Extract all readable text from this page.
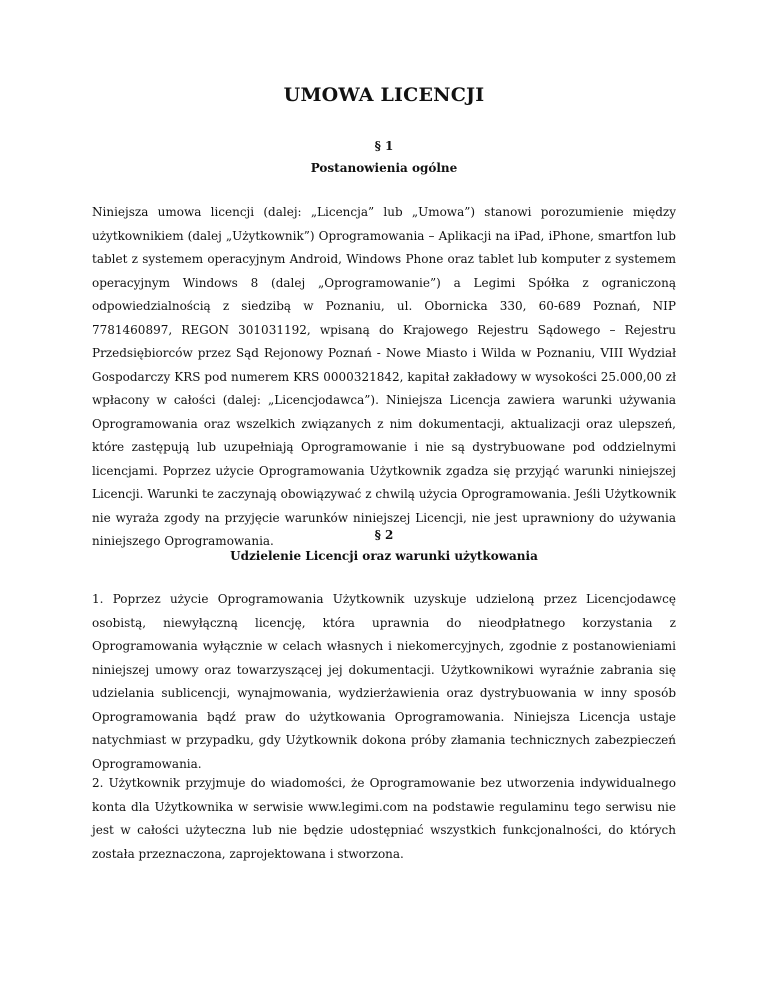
UMOWA LICENCJI
§ 1
Postanowienia ogólne

Niniejsza umowa licencji (dalej: „Licencja” lub „Umowa”) stanowi porozumienie między użytkownikiem (dalej „Użytkownik”) Oprogramowania – Aplikacji na iPad, iPhone, smartfon lub tablet z systemem operacyjnym Android, Windows Phone oraz tablet lub komputer z systemem operacyjnym Windows 8 (dalej „Oprogramowanie”) a Legimi Spółka z ograniczoną odpowiedzialnością z siedzibą w Poznaniu, ul. Obornicka 330, 60-689 Poznań, NIP 7781460897, REGON 301031192, wpisaną do Krajowego Rejestru Sądowego – Rejestru Przedsiębiorców przez Sąd Rejonowy Poznań - Nowe Miasto i Wilda w Poznaniu, VIII Wydział Gospodarczy KRS pod numerem KRS 0000321842, kapitał zakładowy w wysokości 25.000,00 zł wpłacony w całości (dalej: „Licencjodawca”). Niniejsza Licencja zawiera warunki używania Oprogramowania oraz wszelkich związanych z nim dokumentacji, aktualizacji oraz ulepszeń, które zastępują lub uzupełniają Oprogramowanie i nie są dystrybuowane pod oddzielnymi licencjami. Poprzez użycie Oprogramowania Użytkownik zgadza się przyjąć warunki niniejszej Licencji. Warunki te zaczynają obowiązywać z chwilą użycia Oprogramowania. Jeśli Użytkownik nie wyraża zgody na przyjęcie warunków niniejszej Licencji, nie jest uprawniony do używania niniejszego Oprogramowania.	§ 2
Udzielenie Licencji oraz warunki użytkowania

1. Poprzez użycie Oprogramowania Użytkownik uzyskuje udzieloną przez Licencjodawcę osobistą, niewyłączną licencję, która uprawnia do nieodpłatnego korzystania z Oprogramowania wyłącznie w celach własnych i niekomercyjnych, zgodnie z postanowieniami niniejszej umowy oraz towarzyszącej jej dokumentacji. Użytkownikowi wyraźnie zabrania się udzielania sublicencji, wynajmowania, wydzierżawienia oraz dystrybuowania w inny sposób Oprogramowania bądź praw do użytkowania Oprogramowania. Niniejsza Licencja ustaje natychmiast w przypadku, gdy Użytkownik dokona próby złamania technicznych zabezpieczeń Oprogramowania.

2. Użytkownik przyjmuje do wiadomości, że Oprogramowanie bez utworzenia indywidualnego konta dla Użytkownika w serwisie www.legimi.com na podstawie regulaminu tego serwisu nie jest w całości użyteczna lub nie będzie udostępniać wszystkich funkcjonalności, do których została przeznaczona, zaprojektowana i stworzona.
